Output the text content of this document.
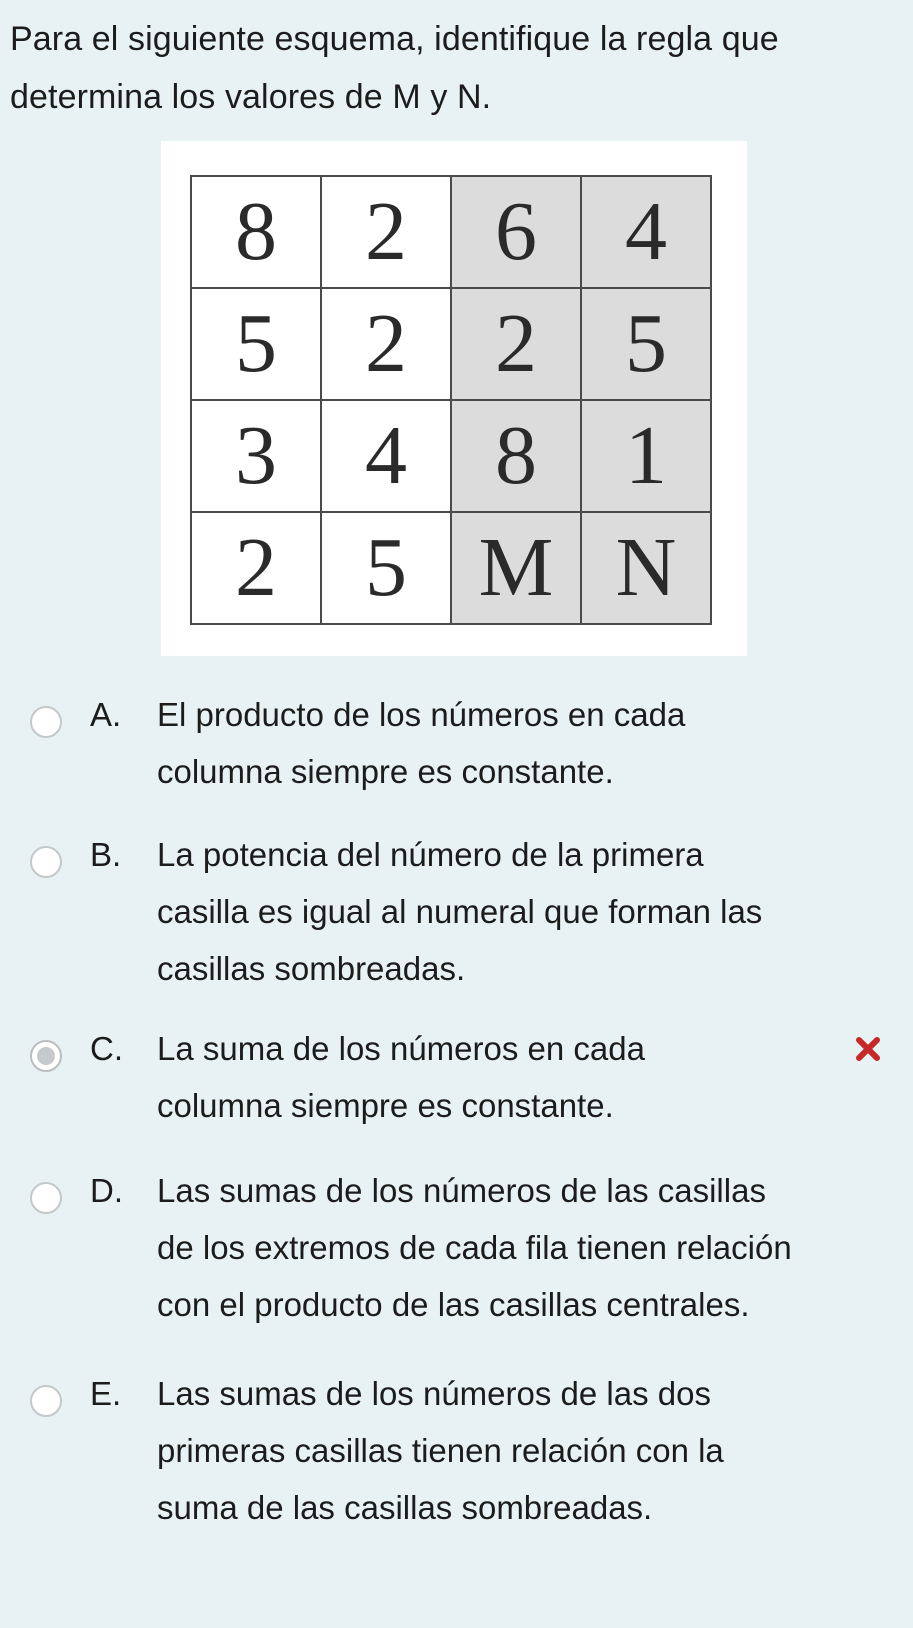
Para el siguiente esquema, identifique la regla que
determina los valores de M y N.
8	2	6	4
5	2	2	5
3	4	8	1
2	5	M	N
A. El producto de los números en cada
columna siempre es constante.
B. La potencia del número de la primera
casilla es igual al numeral que forman las
casillas sombreadas.
C. La suma de los números en cada
columna siempre es constante.
D. Las sumas de los números de las casillas
de los extremos de cada fila tienen relación
con el producto de las casillas centrales.
E. Las sumas de los números de las dos
primeras casillas tienen relación con la
suma de las casillas sombreadas.
